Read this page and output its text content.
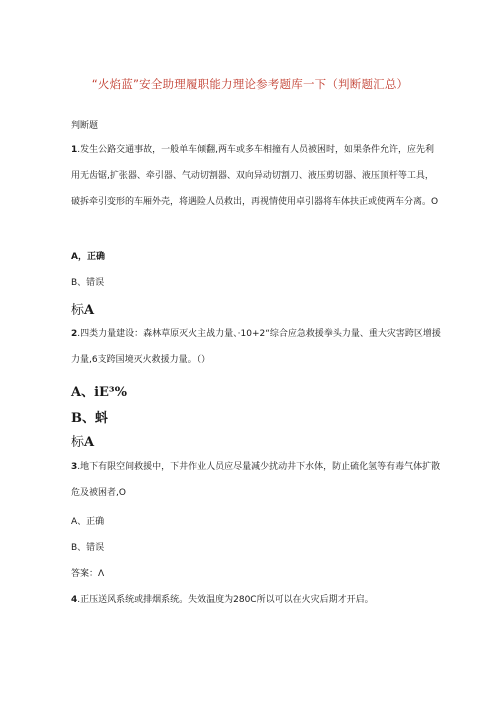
“火焰蓝”安全助理履职能力理论参考题库一下（判断题汇总）
判断题
1.发生公路交通事故，一般单车倾翻,两车或多车相撞有人员被困时，如果条件允许，应先利用无齿锯,扩张器、牵引器、气动切割器、双向异动切割刀、液压剪切器、液压顶杆等工具，破拆牵引变形的车厢外壳，将遇险人员救出，再视情使用卓引器将车体扶正或使两车分离。O
A，正确
B、错误
标A
2.四类力量建设：森林草原灭火主战力量、·10+2“综合应急救援拳头力量、重大灾害跨区增援力量,6支跨国境灭火救援力量。（）
A、iE³%
B、蚪
标A
3.地下有限空间救援中，下井作业人员应尽量减少扰动井下水体，防止硫化氢等有毒气体扩散危及被困者,O
A、正确
B、错误
答案：Λ
4.正压送风系统或排烟系统。失效温度为280C所以可以在火灾后期才开启。
